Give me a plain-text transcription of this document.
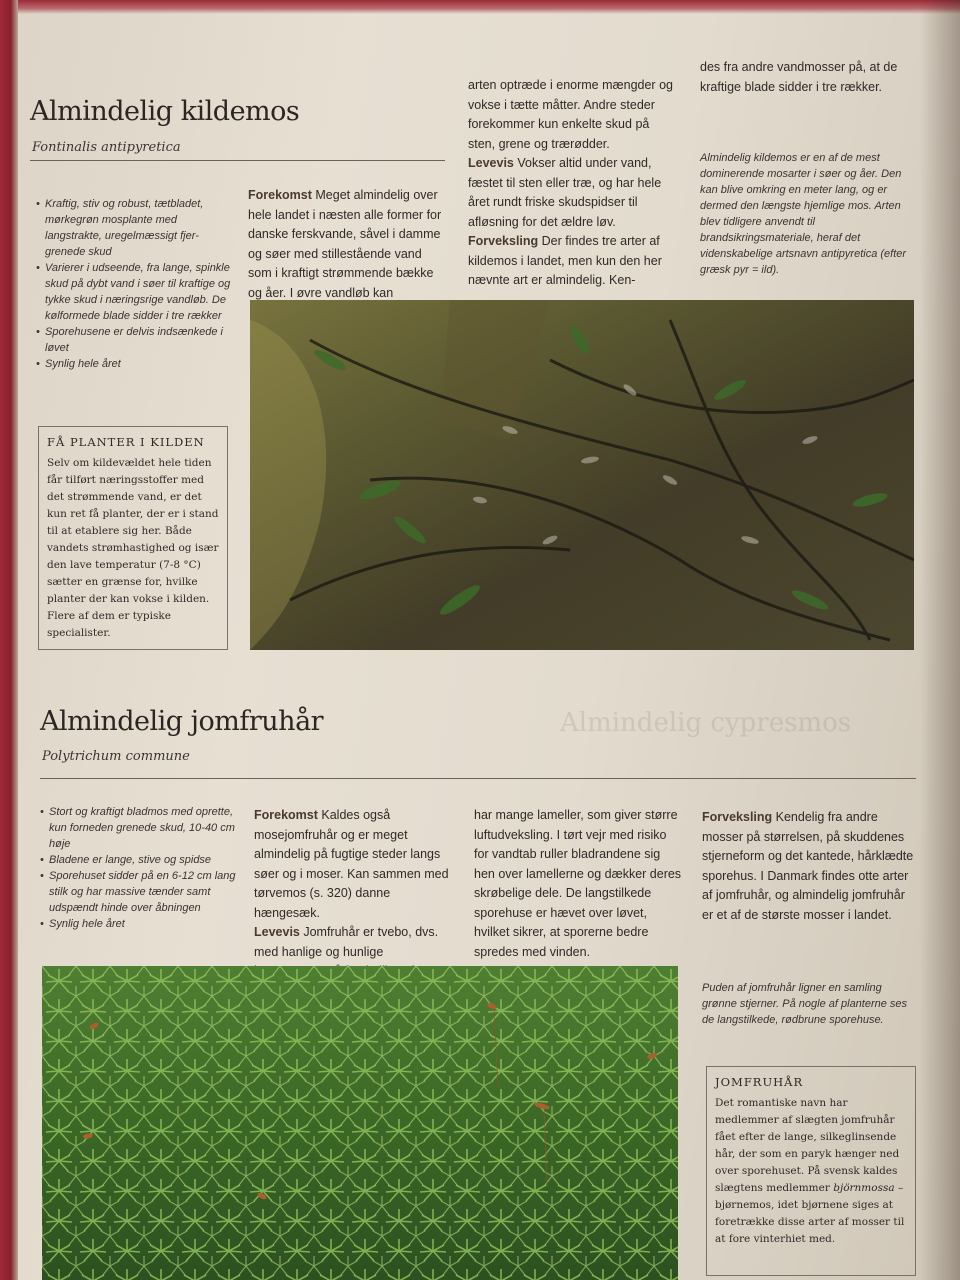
Almindelig kildemos
Fontinalis antipyretica
• Kraftig, stiv og robust, tætbladet, mørkegrøn mosplante med langstrakte, uregelmæssigt fjer-grenede skud
• Varierer i udseende, fra lange, spinkle skud på dybt vand i søer til kraftige og tykke skud i næringsrige vandløb. De kølformede blade sidder i tre rækker
• Sporehusene er delvis indsænkede i løvet
• Synlig hele året
Forekomst Meget almindelig over hele landet i næsten alle former for danske ferskvande, såvel i damme og søer med stillestående vand som i kraftigt strømmende bække og åer. I øvre vandløb kan
arten optræde i enorme mængder og vokse i tætte måtter. Andre steder forekommer kun enkelte skud på sten, grene og trærødder.
Levevis Vokser altid under vand, fæstet til sten eller træ, og har hele året rundt friske skudspidser til afløsning for det ældre løv.
Forveksling Der findes tre arter af kildemos i landet, men kun den her nævnte art er almindelig. Ken-
des fra andre vandmosser på, at de kraftige blade sidder i tre rækker.
Almindelig kildemos er en af de mest dominerende mosarter i søer og åer. Den kan blive omkring en meter lang, og er dermed den længste hjemlige mos. Arten blev tidligere anvendt til brandsikringsmateriale, heraf det videnskabelige artsnavn antipyretica (efter græsk pyr = ild).
FÅ PLANTER I KILDEN
Selv om kildevældet hele tiden får tilført næringsstoffer med det strømmende vand, er det kun ret få planter, der er i stand til at etablere sig her. Både vandets strømhastighed og især den lave temperatur (7-8 °C) sætter en grænse for, hvilke planter der kan vokse i kilden. Flere af dem er typiske specialister.
Almindelig cypresmos
Almindelig jomfruhår
Polytrichum commune
• Stort og kraftigt bladmos med oprette, kun forneden grenede skud, 10-40 cm høje
• Bladene er lange, stive og spidse
• Sporehuset sidder på en 6-12 cm lang stilk og har massive tænder samt udspændt hinde over åbningen
• Synlig hele året
Forekomst Kaldes også mosejomfruhår og er meget almindelig på fugtige steder langs søer og i moser. Kan sammen med tørvemos (s. 320) danne hængesæk.
Levevis Jomfruhår er tvebo, dvs. med hanlige og hunlige
har mange lameller, som giver større luftudveksling. I tørt vejr med risiko for vandtab ruller bladrandene sig hen over lamellerne og dækker deres skrøbelige dele. De langstilkede sporehuse er hævet over løvet, hvilket sikrer, at sporerne bedre spredes med vinden.
Forveksling Kendelig fra andre mosser på størrelsen, på skuddenes stjerneform og det kantede, hårklædte sporehus. I Danmark findes otte arter af jomfruhår, og almindelig jomfruhår er et af de største mosser i landet.
Puden af jomfruhår ligner en samling grønne stjerner. På nogle af planterne ses de langstilkede, rødbrune sporehuse.
JOMFRUHÅR
Det romantiske navn har medlemmer af slægten jomfruhår fået efter de lange, silkeglinsende hår, der som en paryk hænger ned over sporehuset. På svensk kaldes slægtens medlemmer björnmossa – bjørnemos, idet bjørnene siges at foretrække disse arter af mosser til at fore vinterhiet med.
